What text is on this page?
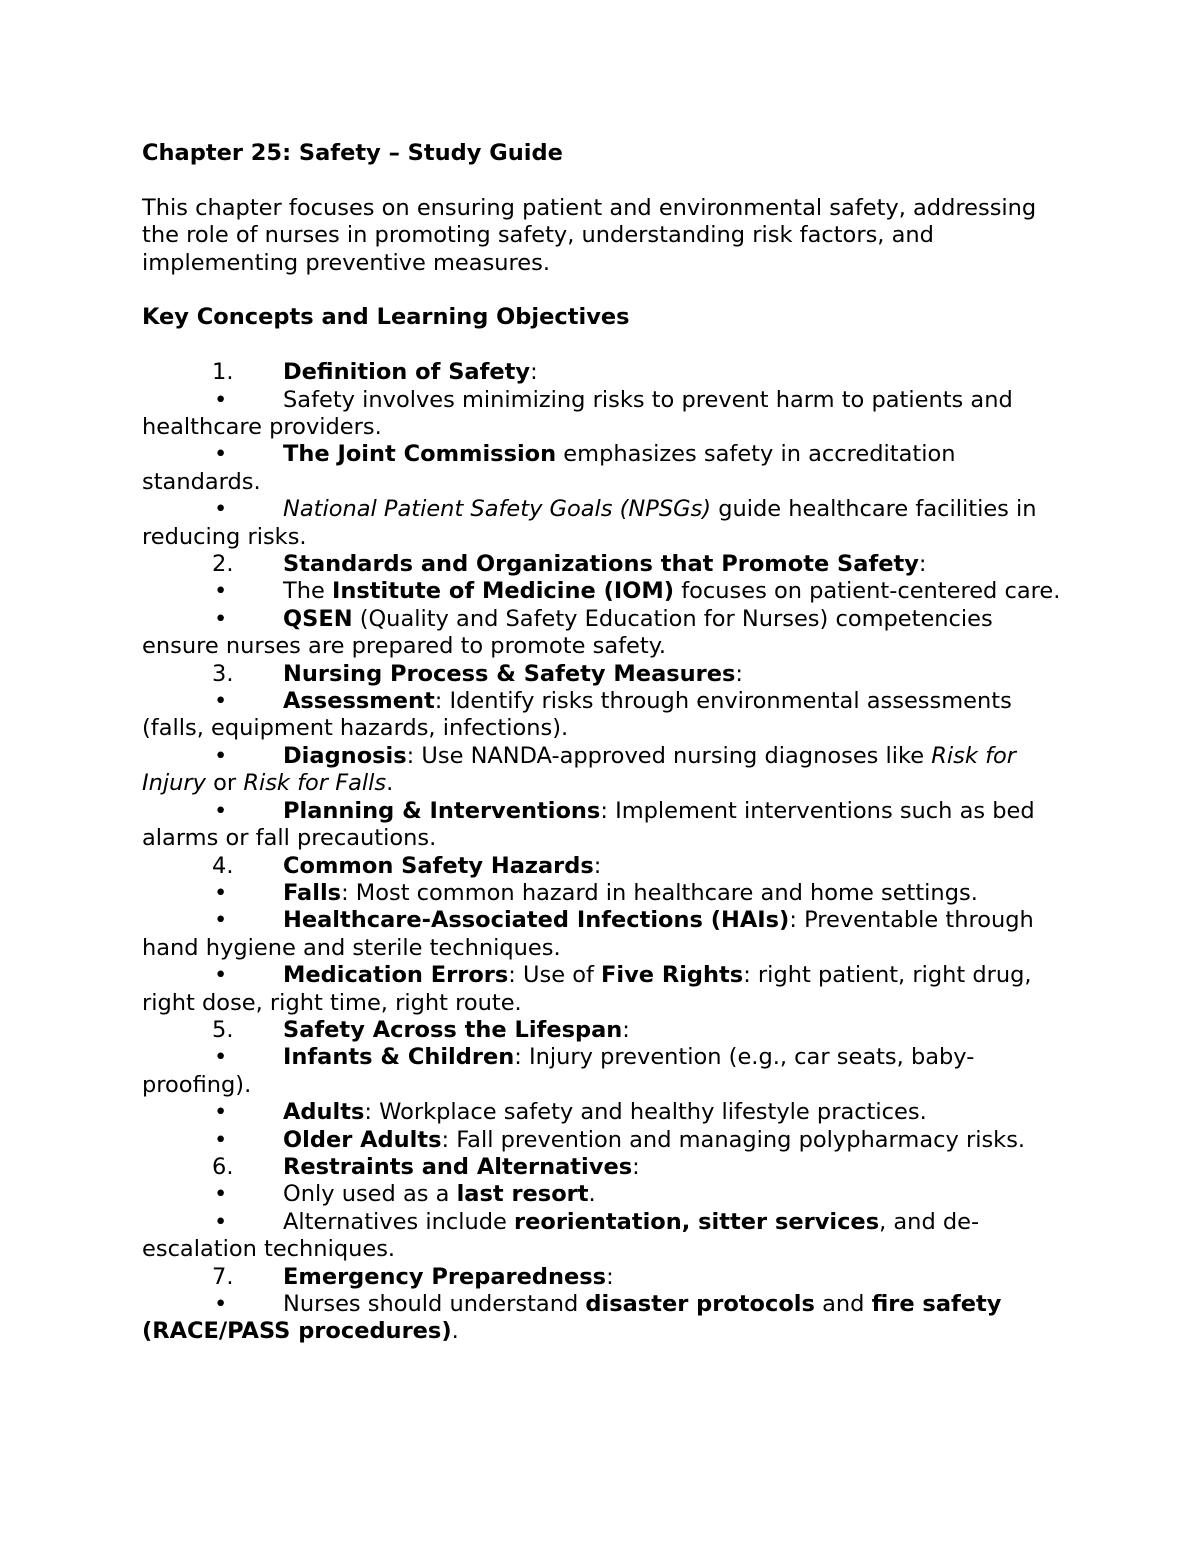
Chapter 25: Safety – Study Guide

This chapter focuses on ensuring patient and environmental safety, addressing the role of nurses in promoting safety, understanding risk factors, and implementing preventive measures.

Key Concepts and Learning Objectives

1. Definition of Safety:

• Safety involves minimizing risks to prevent harm to patients and healthcare providers.

• The Joint Commission emphasizes safety in accreditation standards.

• National Patient Safety Goals (NPSGs) guide healthcare facilities in reducing risks.

2. Standards and Organizations that Promote Safety:

• The Institute of Medicine (IOM) focuses on patient-centered care.

• QSEN (Quality and Safety Education for Nurses) competencies ensure nurses are prepared to promote safety.

3. Nursing Process & Safety Measures:

• Assessment: Identify risks through environmental assessments (falls, equipment hazards, infections).

• Diagnosis: Use NANDA-approved nursing diagnoses like Risk for Injury or Risk for Falls.

• Planning & Interventions: Implement interventions such as bed alarms or fall precautions.

4. Common Safety Hazards:

• Falls: Most common hazard in healthcare and home settings.

• Healthcare-Associated Infections (HAIs): Preventable through hand hygiene and sterile techniques.

• Medication Errors: Use of Five Rights: right patient, right drug, right dose, right time, right route.

5. Safety Across the Lifespan:

• Infants & Children: Injury prevention (e.g., car seats, baby-proofing).

• Adults: Workplace safety and healthy lifestyle practices.

• Older Adults: Fall prevention and managing polypharmacy risks.

6. Restraints and Alternatives:

• Only used as a last resort.

• Alternatives include reorientation, sitter services, and de-escalation techniques.

7. Emergency Preparedness:

• Nurses should understand disaster protocols and fire safety (RACE/PASS procedures).
